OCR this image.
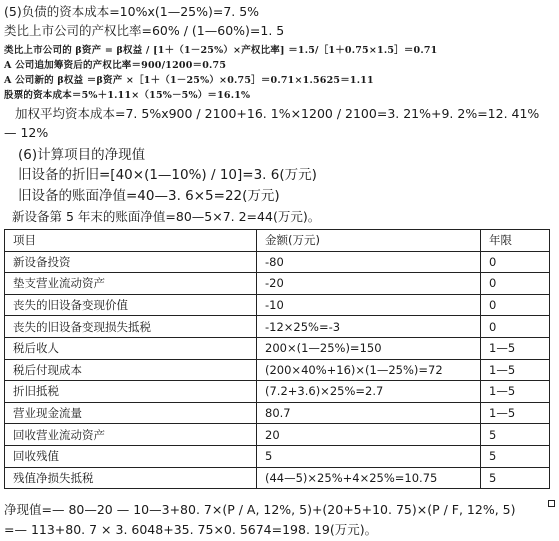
(5)负债的资本成本=10%x(1—25%)=7. 5%
类比上市公司的产权比率=60% / (1—60%)=1. 5
类比上市公司的 β资产 = β权益 / [1＋（1－25%）×产权比率] ＝1.5/［1＋0.75×1.5］＝0.71
A 公司追加筹资后的产权比率＝900/1200＝0.75
A 公司新的 β权益 ＝β资产 ×［1＋（1－25%）×0.75］＝0.71×1.5625＝1.11
股票的资本成本＝5%＋1.11×（15%－5%）＝16.1%
加权平均资本成本=7. 5%x900 / 2100+16. 1%×1200 / 2100=3. 21%+9. 2%=12. 41%
— 12%
(6)计算项目的净现值
旧设备的折旧=[40×(1—10%) / 10]=3. 6(万元)
旧设备的账面净值=40—3. 6×5=22(万元)
新设备第 5 年末的账面净值=80—5×7. 2=44(万元)。
项目	金额(万元)	年限
新设备投资	-80	0
垫支营业流动资产	-20	0
丧失的旧设备变现价值	-10	0
丧失的旧设备变现损失抵税	-12×25%=-3	0
税后收人	200×(1—25%)=150	1—5
税后付现成本	(200×40%+16)×(1—25%)=72	1—5
折旧抵税	(7.2+3.6)×25%=2.7	1—5
营业现金流量	80.7	1—5
回收营业流动资产	20	5
回收残值	5	5
残值净损失抵税	(44—5)×25%+4×25%=10.75	5
净现值=— 80—20 — 10—3+80. 7×(P / A, 12%, 5)+(20+5+10. 75)×(P / F, 12%, 5)
=— 113+80. 7 × 3. 6048+35. 75×0. 5674=198. 19(万元)。
